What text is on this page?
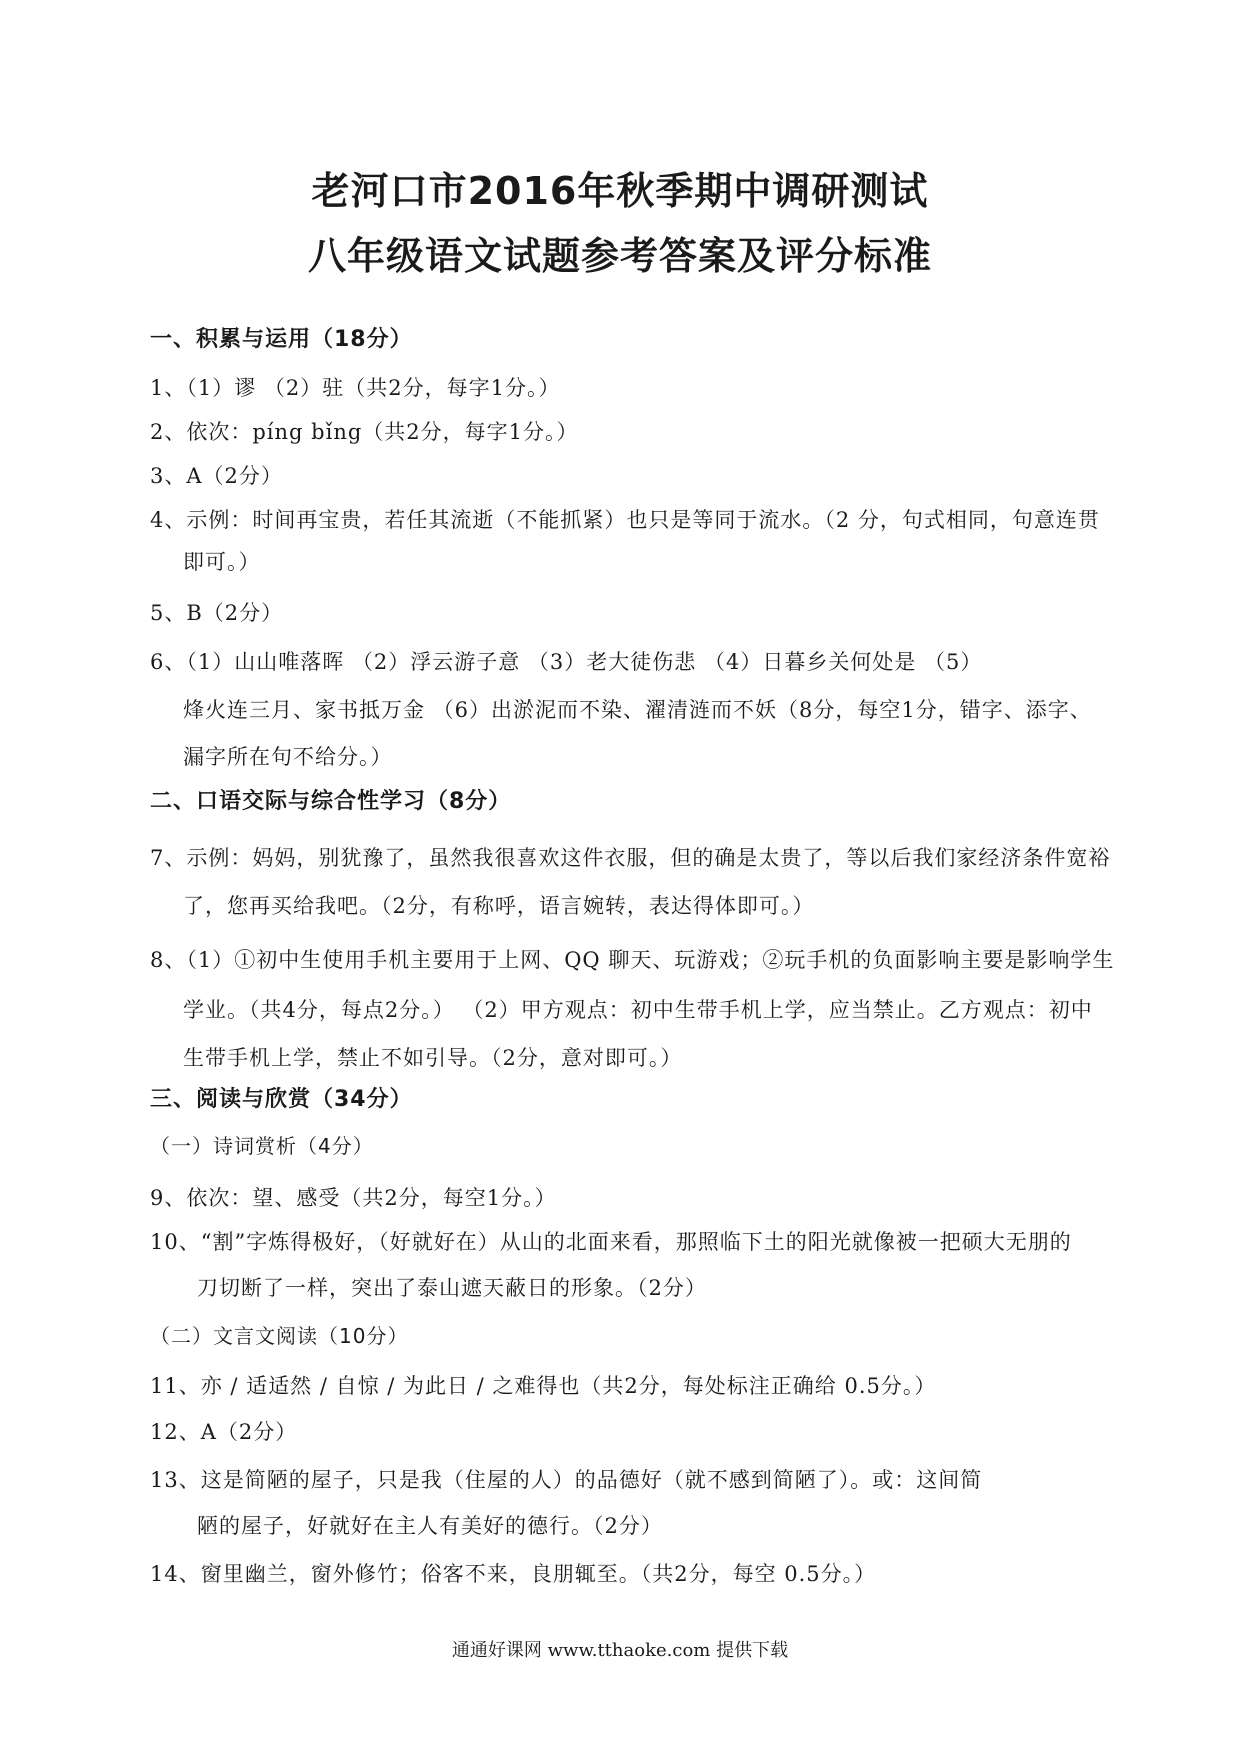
老河口市2016年秋季期中调研测试
八年级语文试题参考答案及评分标准
一、积累与运用（18分）
1、（1）谬 （2）驻（共2分，每字1分。）
2、依次：píng bǐng（共2分，每字1分。）
3、A（2分）
4、示例：时间再宝贵，若任其流逝（不能抓紧）也只是等同于流水。（2 分，句式相同，句意连贯
即可。）
5、B（2分）
6、（1）山山唯落晖 （2）浮云游子意 （3）老大徒伤悲 （4）日暮乡关何处是 （5）
烽火连三月、家书抵万金 （6）出淤泥而不染、濯清涟而不妖（8分，每空1分，错字、添字、
漏字所在句不给分。）
二、口语交际与综合性学习（8分）
7、示例：妈妈，别犹豫了，虽然我很喜欢这件衣服，但的确是太贵了，等以后我们家经济条件宽裕
了，您再买给我吧。（2分，有称呼，语言婉转，表达得体即可。）
8、（1）①初中生使用手机主要用于上网、QQ 聊天、玩游戏；②玩手机的负面影响主要是影响学生
学业。（共4分，每点2分。） （2）甲方观点：初中生带手机上学，应当禁止。乙方观点：初中
生带手机上学，禁止不如引导。（2分，意对即可。）
三、阅读与欣赏（34分）
（一）诗词赏析（4分）
9、依次：望、感受（共2分，每空1分。）
10、“割”字炼得极好，（好就好在）从山的北面来看，那照临下土的阳光就像被一把硕大无朋的
刀切断了一样，突出了泰山遮天蔽日的形象。（2分）
（二）文言文阅读（10分）
11、亦 / 适适然 / 自惊 / 为此日 / 之难得也（共2分，每处标注正确给 0.5分。）
12、A（2分）
13、这是简陋的屋子，只是我（住屋的人）的品德好（就不感到简陋了）。或：这间简
陋的屋子，好就好在主人有美好的德行。（2分）
14、窗里幽兰，窗外修竹；俗客不来，良朋辄至。（共2分，每空 0.5分。）
通通好课网 www.tthaoke.com 提供下载
